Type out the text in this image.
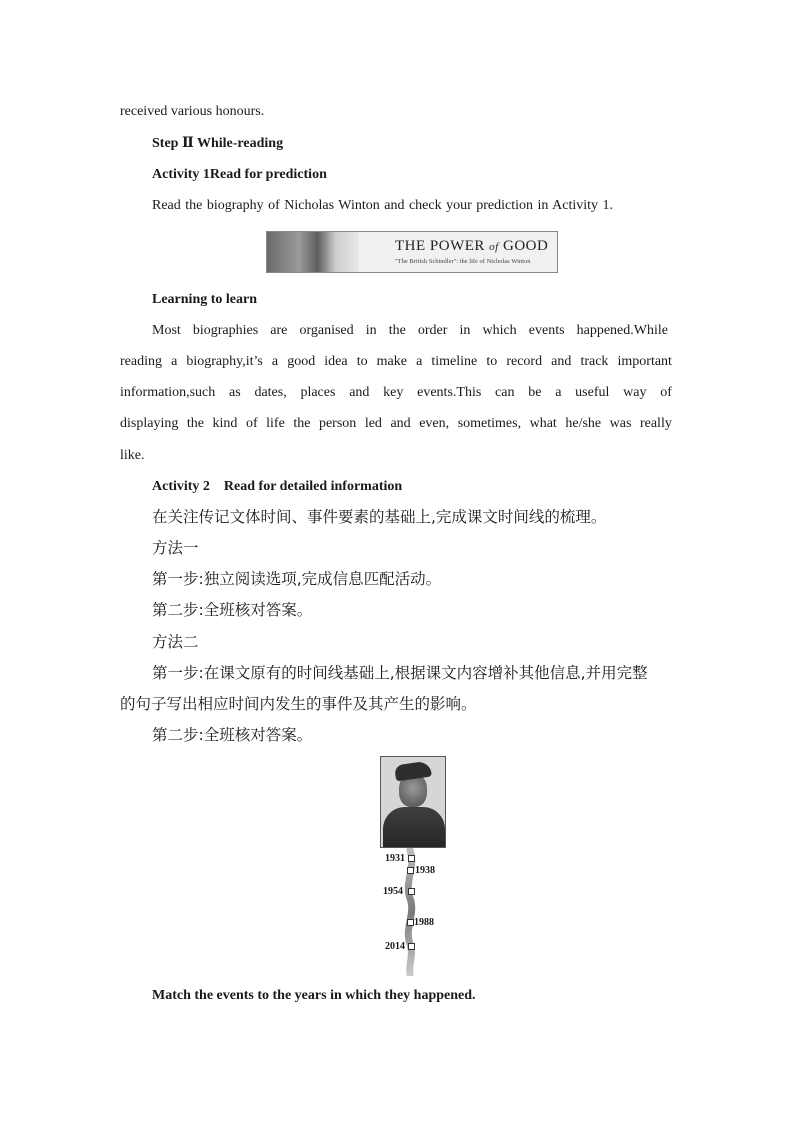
received various honours.
Step Ⅱ While-reading
Activity 1Read for prediction
Read the biography of Nicholas Winton and check your prediction in Activity 1.
THE POWER of GOOD
"The British Schindler": the life of Nicholas Winton
Learning to learn
Most biographies are organised in the order in which events happened.While
reading a biography,it’s a good idea to make a timeline to record and track important
information,such as dates, places and key events.This can be a useful way of
displaying the kind of life the person led and even, sometimes, what he/she was really
like.
Activity 2    Read for detailed information
在关注传记文体时间、事件要素的基础上,完成课文时间线的梳理。
方法一
第一步:独立阅读选项,完成信息匹配活动。
第二步:全班核对答案。
方法二
第一步:在课文原有的时间线基础上,根据课文内容增补其他信息,并用完整
的句子写出相应时间内发生的事件及其产生的影响。
第二步:全班核对答案。
1931
1938
1954
1988
2014
Match the events to the years in which they happened.
